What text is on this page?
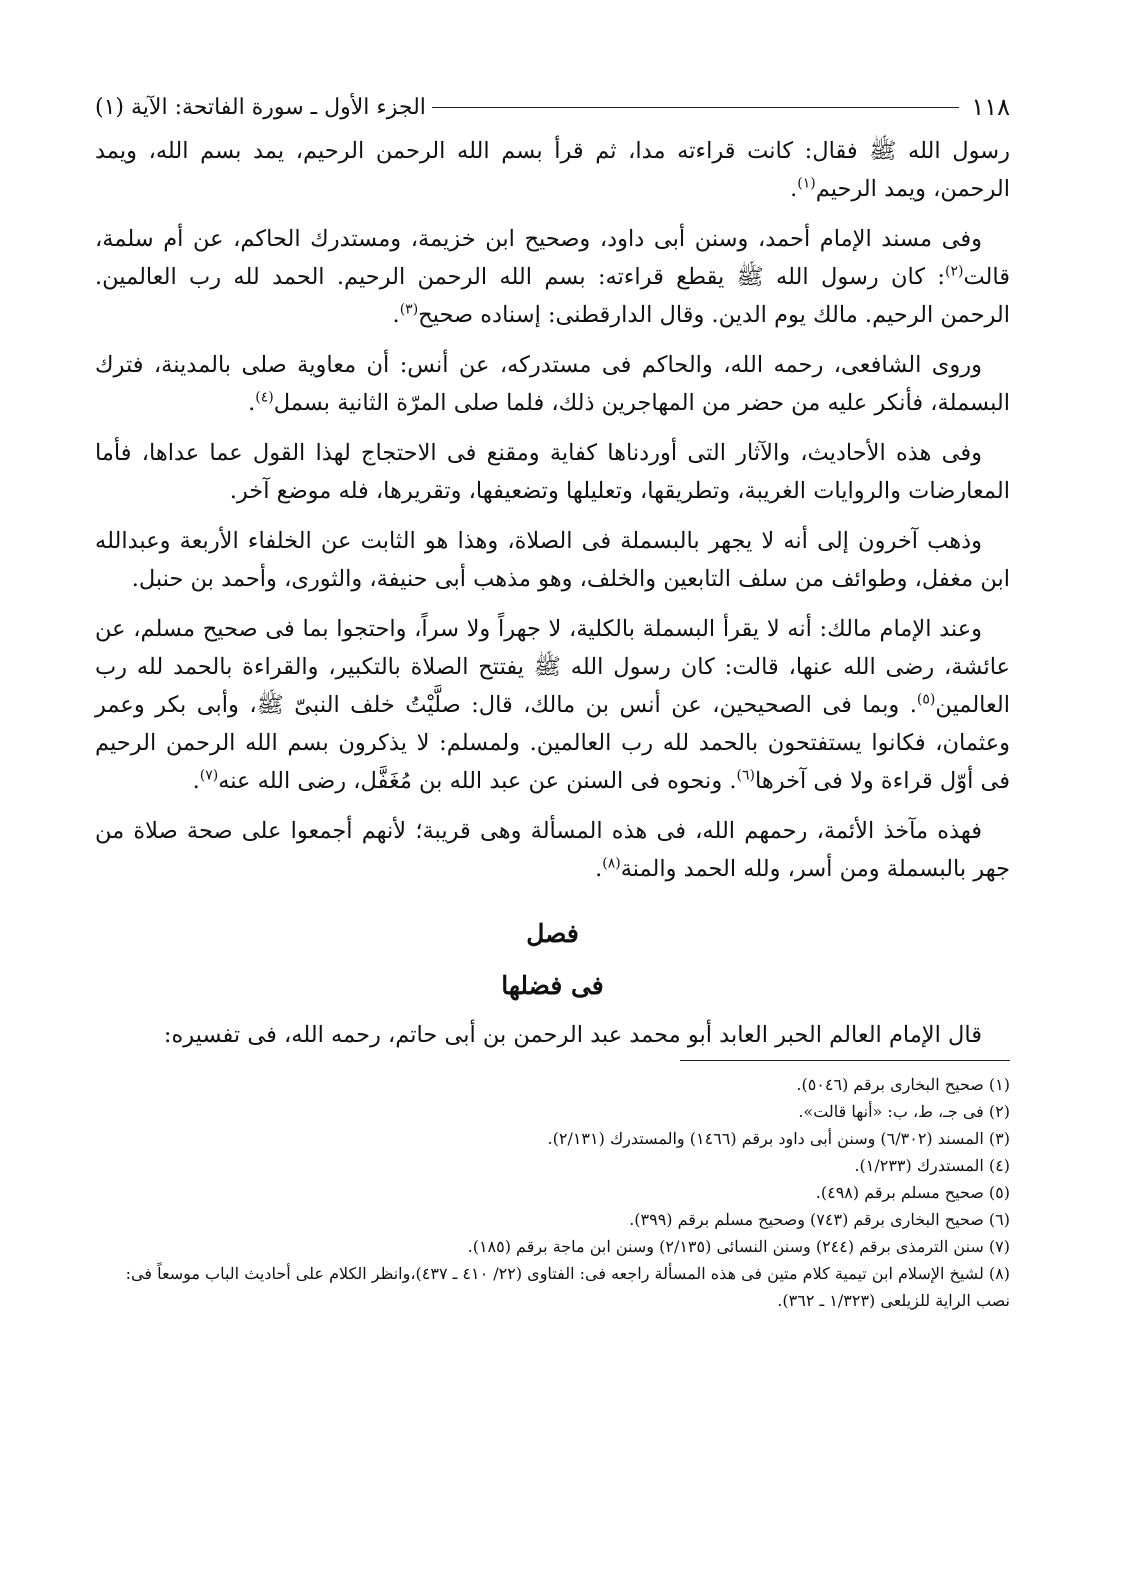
١١٨
الجزء الأول ـ سورة الفاتحة: الآية (١)

رسول الله ﷺ فقال: كانت قراءته مدا، ثم قرأ بسم الله الرحمن الرحيم، يمد بسم الله، ويمد الرحمن، ويمد الرحيم$^{(١)}$.

وفى مسند الإمام أحمد، وسنن أبى داود، وصحيح ابن خزيمة، ومستدرك الحاكم، عن أم سلمة، قالت$^{(٢)}$: كان رسول الله ﷺ يقطع قراءته: بسم الله الرحمن الرحيم. الحمد لله رب العالمين. الرحمن الرحيم. مالك يوم الدين. وقال الدارقطنى: إسناده صحيح$^{(٣)}$.

وروى الشافعى، رحمه الله، والحاكم فى مستدركه، عن أنس: أن معاوية صلى بالمدينة، فترك البسملة، فأنكر عليه من حضر من المهاجرين ذلك، فلما صلى المرّة الثانية بسمل$^{(٤)}$.

وفى هذه الأحاديث، والآثار التى أوردناها كفاية ومقنع فى الاحتجاج لهذا القول عما عداها، فأما المعارضات والروايات الغريبة، وتطريقها، وتعليلها وتضعيفها، وتقريرها، فله موضع آخر.

وذهب آخرون إلى أنه لا يجهر بالبسملة فى الصلاة، وهذا هو الثابت عن الخلفاء الأربعة وعبدالله ابن مغفل، وطوائف من سلف التابعين والخلف، وهو مذهب أبى حنيفة، والثورى، وأحمد بن حنبل.

وعند الإمام مالك: أنه لا يقرأ البسملة بالكلية، لا جهراً ولا سراً، واحتجوا بما فى صحيح مسلم، عن عائشة، رضى الله عنها، قالت: كان رسول الله ﷺ يفتتح الصلاة بالتكبير، والقراءة بالحمد لله رب العالمين$^{(٥)}$. وبما فى الصحيحين، عن أنس بن مالك، قال: صلَّيْتُ خلف النبىّ ﷺ، وأبى بكر وعمر وعثمان، فكانوا يستفتحون بالحمد لله رب العالمين. ولمسلم: لا يذكرون بسم الله الرحمن الرحيم فى أوّل قراءة ولا فى آخرها$^{(٦)}$. ونحوه فى السنن عن عبد الله بن مُغَفَّل، رضى الله عنه$^{(٧)}$.

فهذه مآخذ الأئمة، رحمهم الله، فى هذه المسألة وهى قريبة؛ لأنهم أجمعوا على صحة صلاة من جهر بالبسملة ومن أسر، ولله الحمد والمنة$^{(٨)}$.

فصل

فى فضلها

قال الإمام العالم الحبر العابد أبو محمد عبد الرحمن بن أبى حاتم، رحمه الله، فى تفسيره:

(١) صحيح البخارى برقم (٥٠٤٦).

(٢) فى جـ، ط، ب: «أنها قالت».

(٣) المسند (٦/٣٠٢) وسنن أبى داود برقم (١٤٦٦) والمستدرك (٢/١٣١).

(٤) المستدرك (١/٢٣٣).

(٥) صحيح مسلم برقم (٤٩٨).

(٦) صحيح البخارى برقم (٧٤٣) وصحيح مسلم برقم (٣٩٩).

(٧) سنن الترمذى برقم (٢٤٤) وسنن النسائى (٢/١٣٥) وسنن ابن ماجة برقم (١٨٥).

(٨) لشيخ الإسلام ابن تيمية كلام متين فى هذه المسألة راجعه فى: الفتاوى (٢٢/ ٤١٠ ـ ٤٣٧)،وانظر الكلام على أحاديث الباب موسعاً فى: نصب الراية للزيلعى (١/٣٢٣ ـ ٣٦٢).
